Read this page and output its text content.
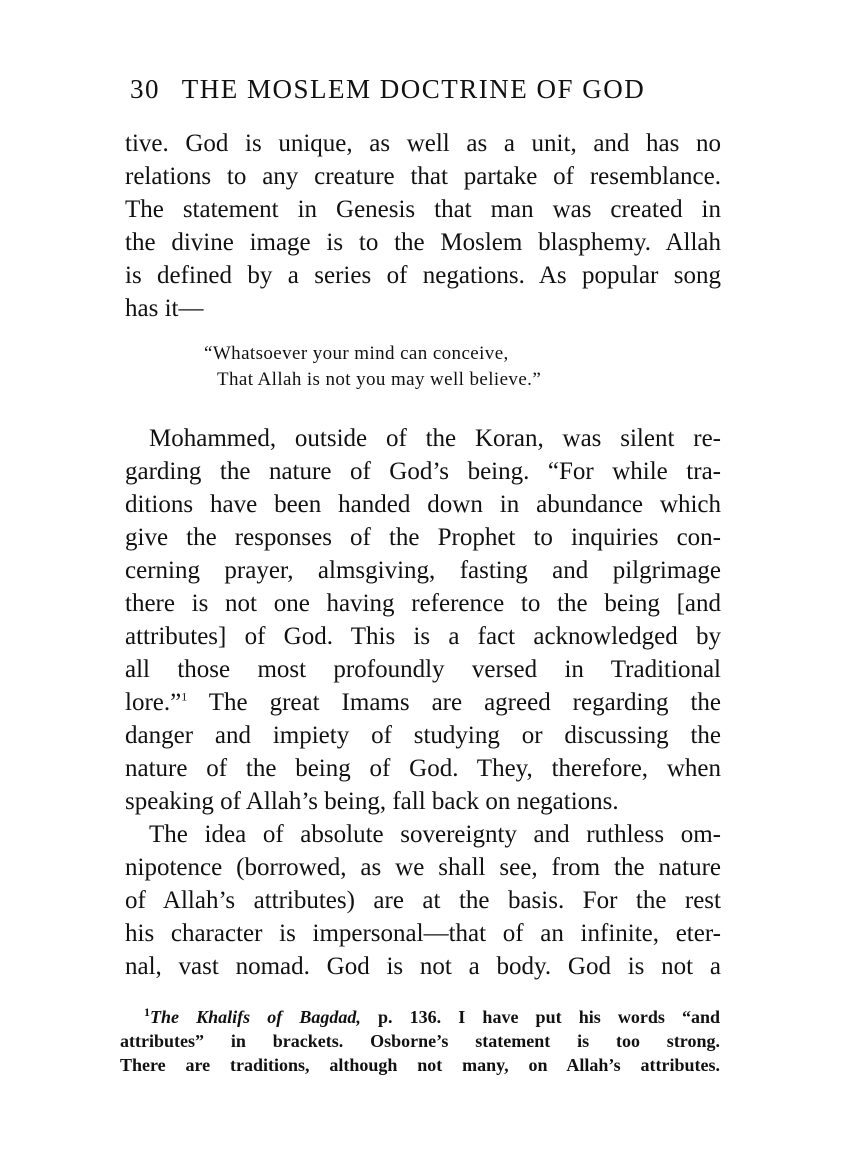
30 THE MOSLEM DOCTRINE OF GOD
tive. God is unique, as well as a unit, and has no
relations to any creature that partake of resemblance.
The statement in Genesis that man was created in
the divine image is to the Moslem blasphemy. Allah
is defined by a series of negations. As popular song
has it—
“Whatsoever your mind can conceive,
That Allah is not you may well believe.”
Mohammed, outside of the Koran, was silent re-
garding the nature of God’s being. “For while tra-
ditions have been handed down in abundance which
give the responses of the Prophet to inquiries con-
cerning prayer, almsgiving, fasting and pilgrimage
there is not one having reference to the being [and
attributes] of God. This is a fact acknowledged by
all those most profoundly versed in Traditional
lore.”$^1$ The great Imams are agreed regarding the
danger and impiety of studying or discussing the
nature of the being of God. They, therefore, when
speaking of Allah’s being, fall back on negations.
The idea of absolute sovereignty and ruthless om-
nipotence (borrowed, as we shall see, from the nature
of Allah’s attributes) are at the basis. For the rest
his character is impersonal—that of an infinite, eter-
nal, vast nomad. God is not a body. God is not a
$^1$The Khalifs of Bagdad, p. 136. I have put his words “and
attributes” in brackets. Osborne’s statement is too strong.
There are traditions, although not many, on Allah’s attributes.
